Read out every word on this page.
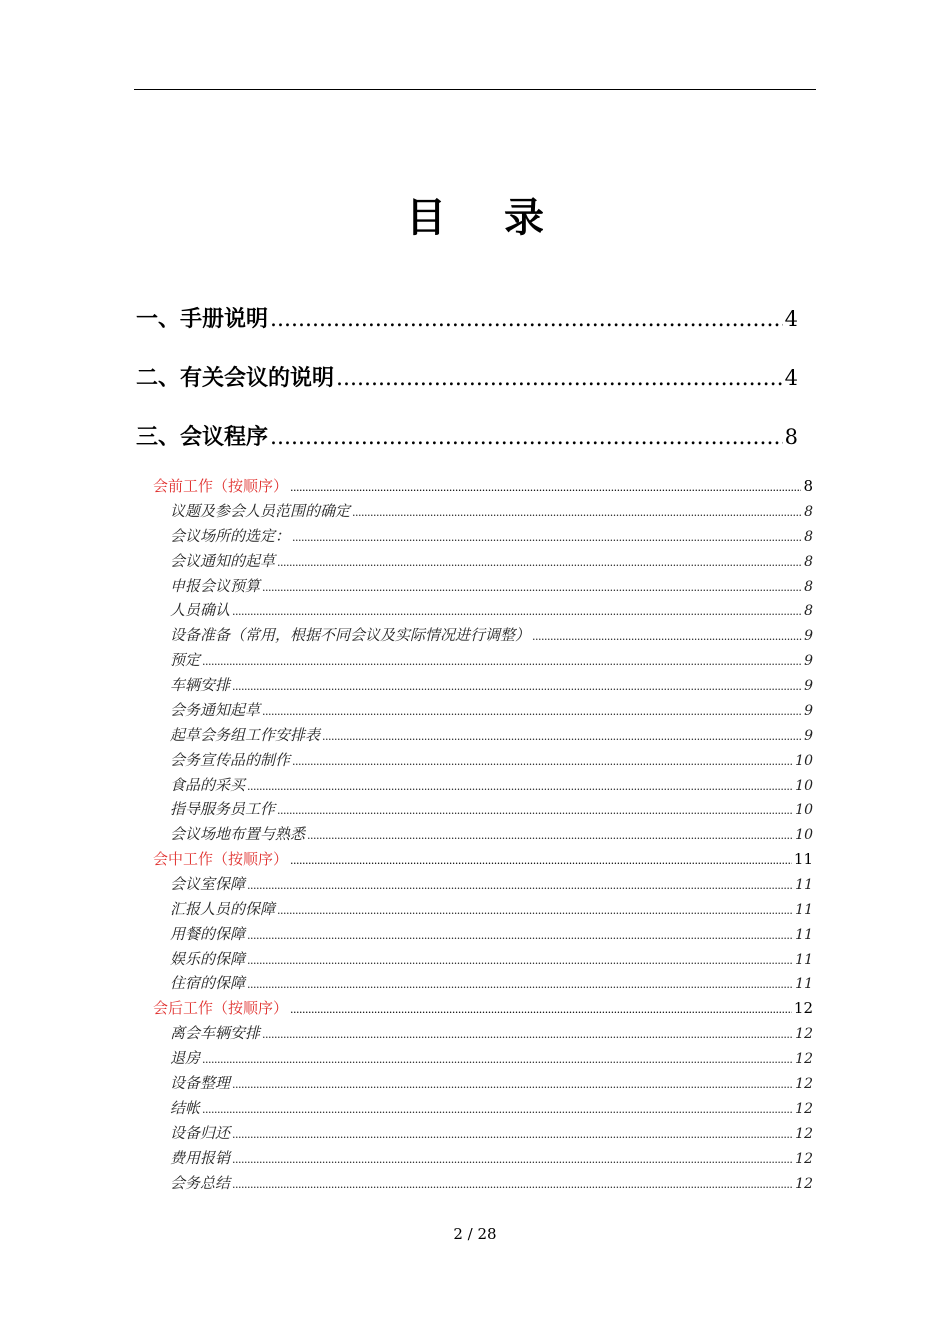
目 录
一、手册说明 .....	4
二、有关会议的说明 .....	4
三、会议程序 .....	8
会前工作（按顺序） .....	8
议题及参会人员范围的确定 .....	8
会议场所的选定： .....	8
会议通知的起草 .....	8
申报会议预算 .....	8
人员确认 .....	8
设备准备（常用，根据不同会议及实际情况进行调整） .....	9
预定 .....	9
车辆安排 .....	9
会务通知起草 .....	9
起草会务组工作安排表 .....	9
会务宣传品的制作 .....	10
食品的采买 .....	10
指导服务员工作 .....	10
会议场地布置与熟悉 .....	10
会中工作（按顺序） .....	11
会议室保障 .....	11
汇报人员的保障 .....	11
用餐的保障 .....	11
娱乐的保障 .....	11
住宿的保障 .....	11
会后工作（按顺序） .....	12
离会车辆安排 .....	12
退房 .....	12
设备整理 .....	12
结帐 .....	12
设备归还 .....	12
费用报销 .....	12
会务总结 .....	12
2 / 28
